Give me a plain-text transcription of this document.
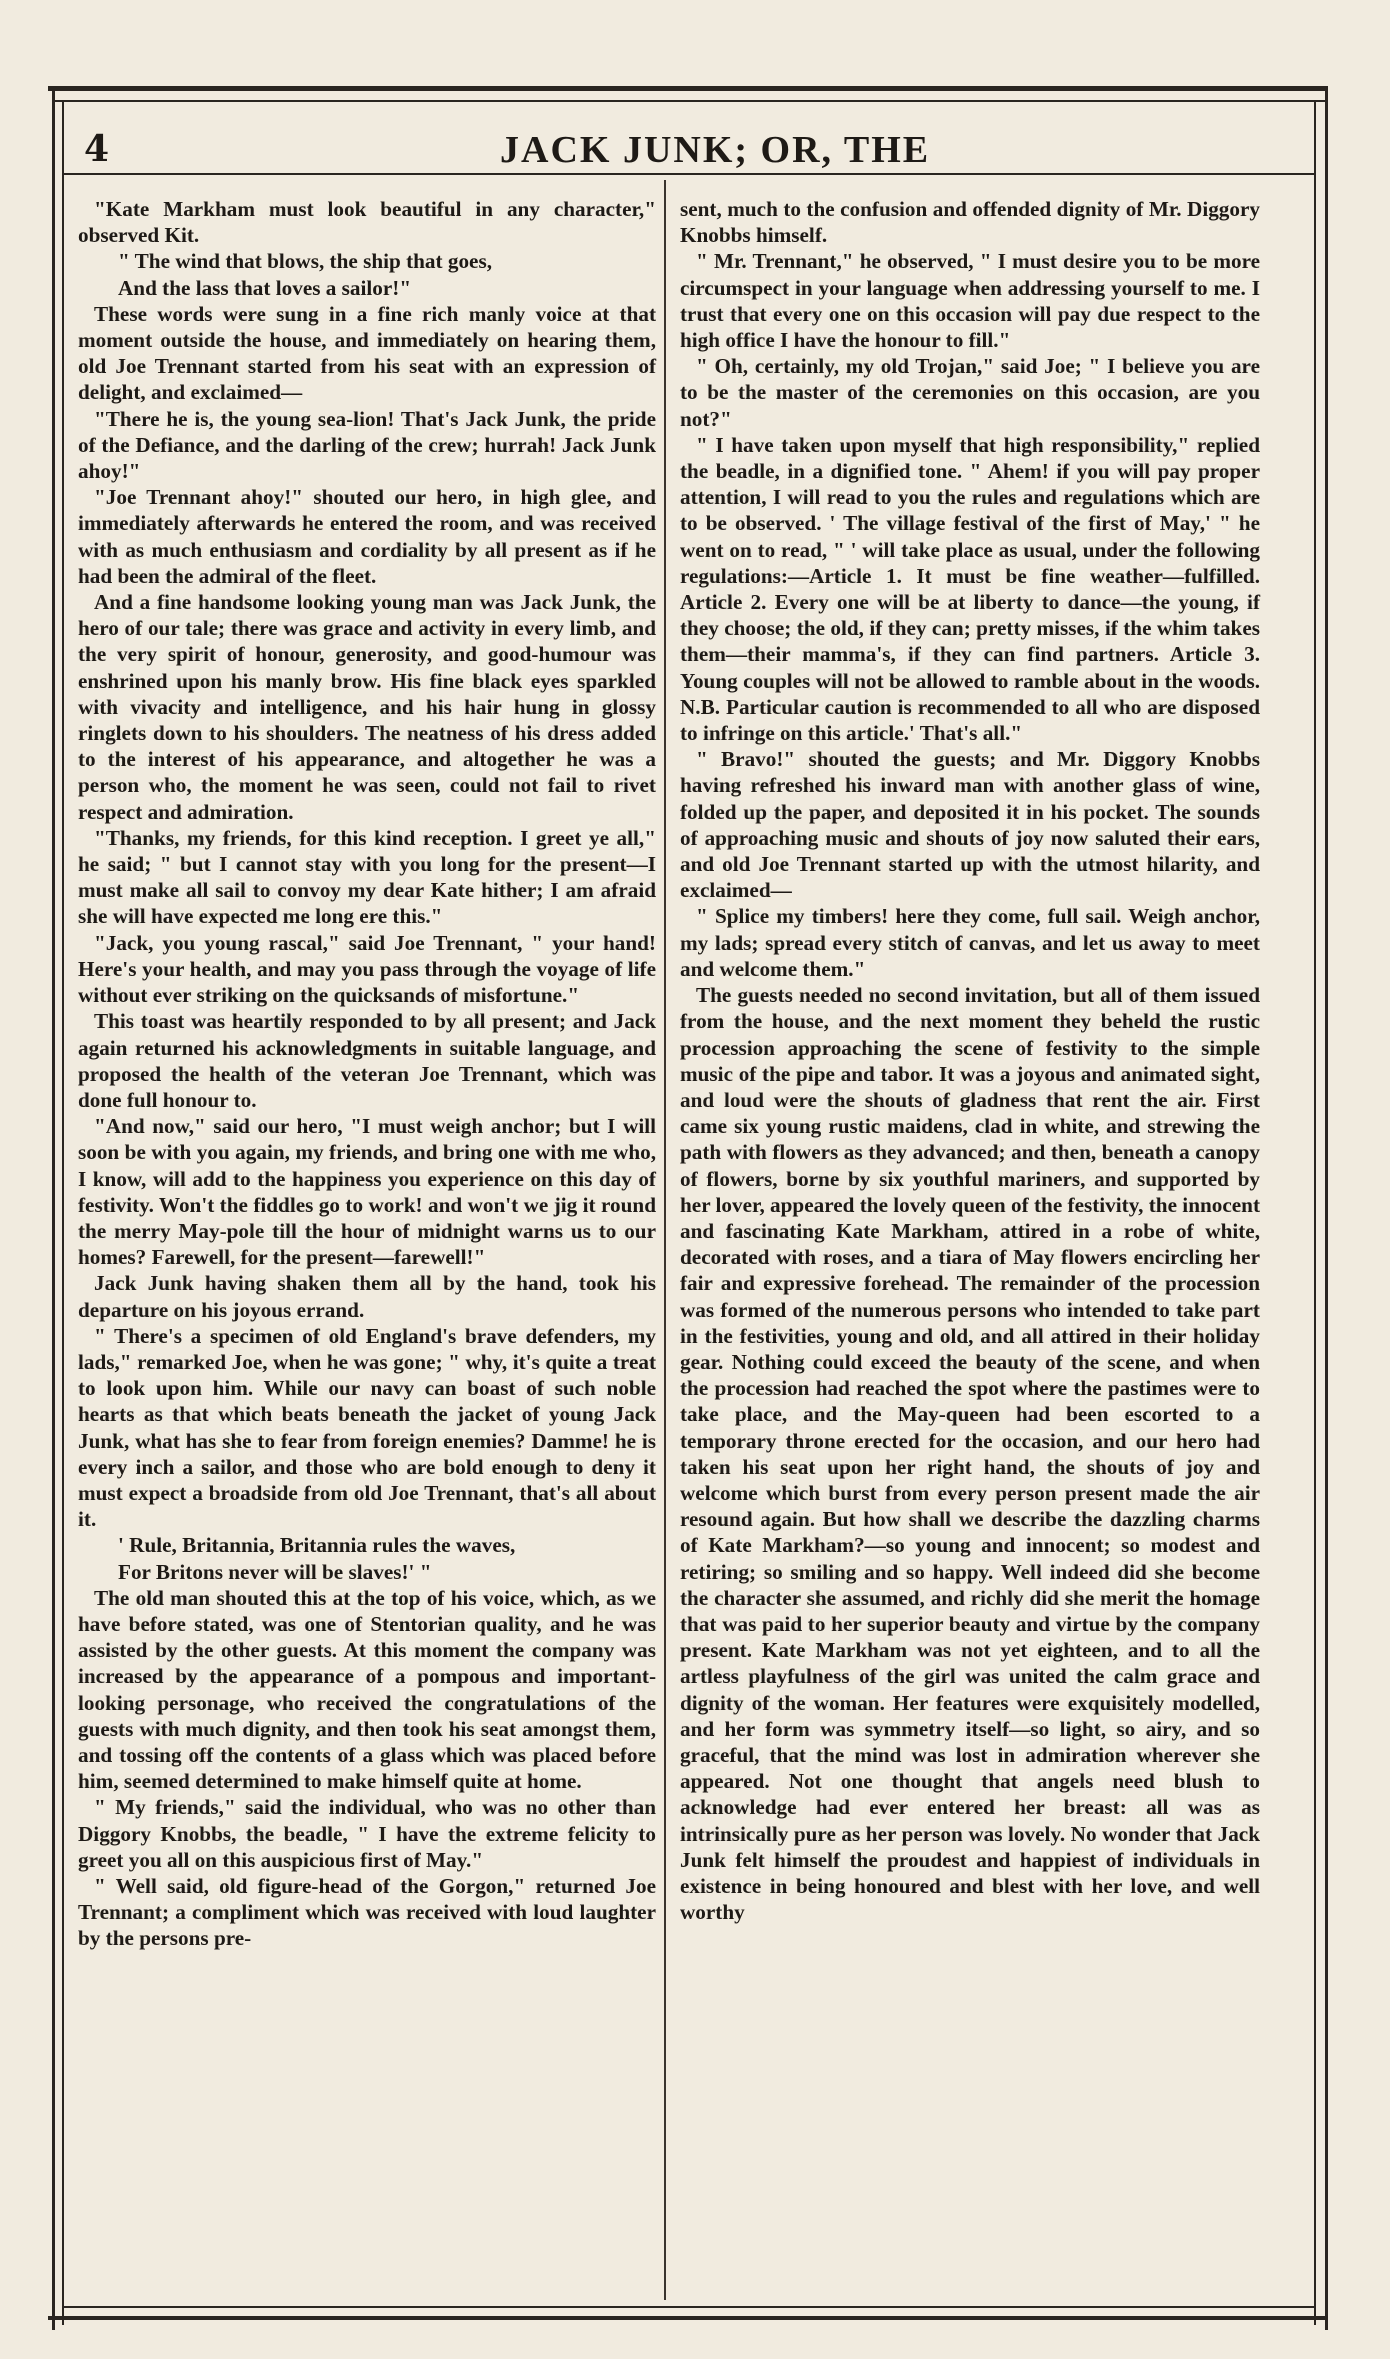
4	JACK JUNK; OR, THE

"Kate Markham must look beautiful in any character," observed Kit.

" The wind that blows, the ship that goes,

And the lass that loves a sailor!"

These words were sung in a fine rich manly voice at that moment outside the house, and immediately on hearing them, old Joe Trennant started from his seat with an expression of delight, and exclaimed—

"There he is, the young sea-lion! That's Jack Junk, the pride of the Defiance, and the darling of the crew; hurrah! Jack Junk ahoy!"

"Joe Trennant ahoy!" shouted our hero, in high glee, and immediately afterwards he entered the room, and was received with as much enthusiasm and cordiality by all present as if he had been the admiral of the fleet.

And a fine handsome looking young man was Jack Junk, the hero of our tale; there was grace and activity in every limb, and the very spirit of honour, generosity, and good-humour was enshrined upon his manly brow. His fine black eyes sparkled with vivacity and intelligence, and his hair hung in glossy ringlets down to his shoulders. The neatness of his dress added to the interest of his appearance, and altogether he was a person who, the moment he was seen, could not fail to rivet respect and admiration.

"Thanks, my friends, for this kind reception. I greet ye all," he said; " but I cannot stay with you long for the present—I must make all sail to convoy my dear Kate hither; I am afraid she will have expected me long ere this."

"Jack, you young rascal," said Joe Trennant, " your hand! Here's your health, and may you pass through the voyage of life without ever striking on the quicksands of misfortune."

This toast was heartily responded to by all present; and Jack again returned his acknowledgments in suitable language, and proposed the health of the veteran Joe Trennant, which was done full honour to.

"And now," said our hero, "I must weigh anchor; but I will soon be with you again, my friends, and bring one with me who, I know, will add to the happiness you experience on this day of festivity. Won't the fiddles go to work! and won't we jig it round the merry May-pole till the hour of midnight warns us to our homes? Farewell, for the present—farewell!"

Jack Junk having shaken them all by the hand, took his departure on his joyous errand.

" There's a specimen of old England's brave defenders, my lads," remarked Joe, when he was gone; " why, it's quite a treat to look upon him. While our navy can boast of such noble hearts as that which beats beneath the jacket of young Jack Junk, what has she to fear from foreign enemies? Damme! he is every inch a sailor, and those who are bold enough to deny it must expect a broadside from old Joe Trennant, that's all about it.

' Rule, Britannia, Britannia rules the waves,

For Britons never will be slaves!' "

The old man shouted this at the top of his voice, which, as we have before stated, was one of Stentorian quality, and he was assisted by the other guests. At this moment the company was increased by the appearance of a pompous and important-looking personage, who received the congratulations of the guests with much dignity, and then took his seat amongst them, and tossing off the contents of a glass which was placed before him, seemed determined to make himself quite at home.

" My friends," said the individual, who was no other than Diggory Knobbs, the beadle, " I have the extreme felicity to greet you all on this auspicious first of May."

" Well said, old figure-head of the Gorgon," returned Joe Trennant; a compliment which was received with loud laughter by the persons pre-

sent, much to the confusion and offended dignity of Mr. Diggory Knobbs himself.

" Mr. Trennant," he observed, " I must desire you to be more circumspect in your language when addressing yourself to me. I trust that every one on this occasion will pay due respect to the high office I have the honour to fill."

" Oh, certainly, my old Trojan," said Joe; " I believe you are to be the master of the ceremonies on this occasion, are you not?"

" I have taken upon myself that high responsibility," replied the beadle, in a dignified tone. " Ahem! if you will pay proper attention, I will read to you the rules and regulations which are to be observed. ' The village festival of the first of May,' " he went on to read, " ' will take place as usual, under the following regulations:—Article 1. It must be fine weather—fulfilled. Article 2. Every one will be at liberty to dance—the young, if they choose; the old, if they can; pretty misses, if the whim takes them—their mamma's, if they can find partners. Article 3. Young couples will not be allowed to ramble about in the woods. N.B. Particular caution is recommended to all who are disposed to infringe on this article.' That's all."

" Bravo!" shouted the guests; and Mr. Diggory Knobbs having refreshed his inward man with another glass of wine, folded up the paper, and deposited it in his pocket. The sounds of approaching music and shouts of joy now saluted their ears, and old Joe Trennant started up with the utmost hilarity, and exclaimed—

" Splice my timbers! here they come, full sail. Weigh anchor, my lads; spread every stitch of canvas, and let us away to meet and welcome them."

The guests needed no second invitation, but all of them issued from the house, and the next moment they beheld the rustic procession approaching the scene of festivity to the simple music of the pipe and tabor. It was a joyous and animated sight, and loud were the shouts of gladness that rent the air. First came six young rustic maidens, clad in white, and strewing the path with flowers as they advanced; and then, beneath a canopy of flowers, borne by six youthful mariners, and supported by her lover, appeared the lovely queen of the festivity, the innocent and fascinating Kate Markham, attired in a robe of white, decorated with roses, and a tiara of May flowers encircling her fair and expressive forehead. The remainder of the procession was formed of the numerous persons who intended to take part in the festivities, young and old, and all attired in their holiday gear. Nothing could exceed the beauty of the scene, and when the procession had reached the spot where the pastimes were to take place, and the May-queen had been escorted to a temporary throne erected for the occasion, and our hero had taken his seat upon her right hand, the shouts of joy and welcome which burst from every person present made the air resound again. But how shall we describe the dazzling charms of Kate Markham?—so young and innocent; so modest and retiring; so smiling and so happy. Well indeed did she become the character she assumed, and richly did she merit the homage that was paid to her superior beauty and virtue by the company present. Kate Markham was not yet eighteen, and to all the artless playfulness of the girl was united the calm grace and dignity of the woman. Her features were exquisitely modelled, and her form was symmetry itself—so light, so airy, and so graceful, that the mind was lost in admiration wherever she appeared. Not one thought that angels need blush to acknowledge had ever entered her breast: all was as intrinsically pure as her person was lovely. No wonder that Jack Junk felt himself the proudest and happiest of individuals in existence in being honoured and blest with her love, and well worthy
